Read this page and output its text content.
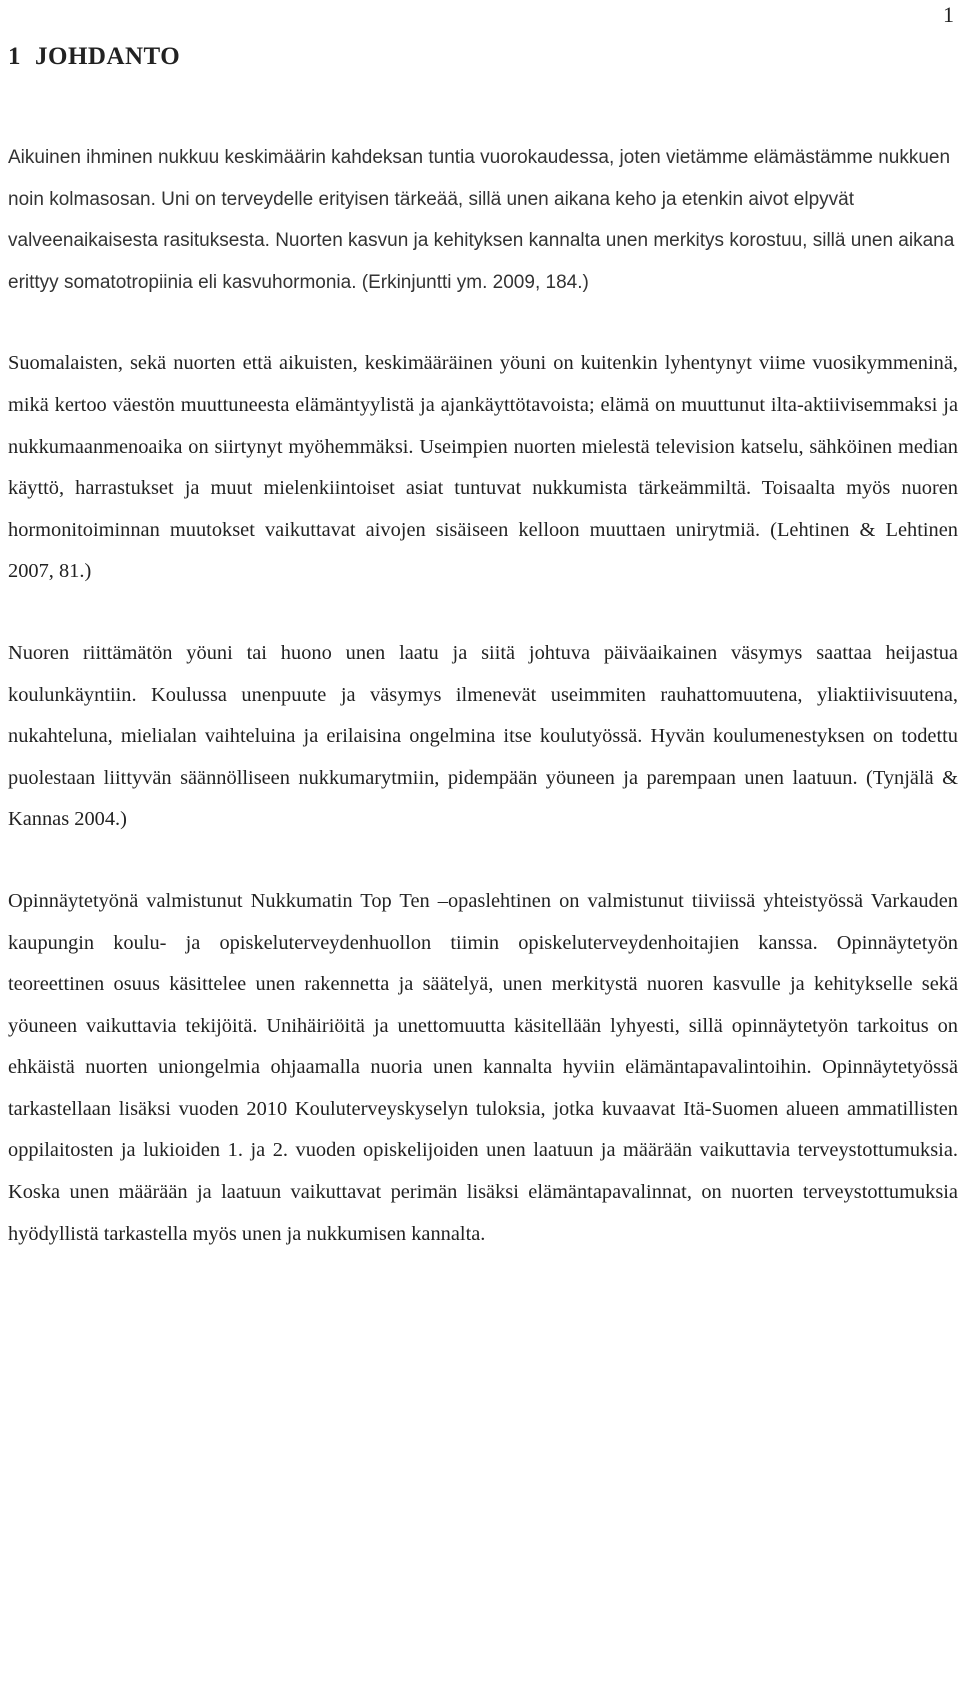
1
1 JOHDANTO

Aikuinen ihminen nukkuu keskimäärin kahdeksan tuntia vuorokaudessa, joten vietämme elämästämme nukkuen noin kolmasosan. Uni on terveydelle erityisen tärkeää, sillä unen aikana keho ja etenkin aivot elpyvät valveenaikaisesta rasituksesta. Nuorten kasvun ja kehityksen kannalta unen merkitys korostuu, sillä unen aikana erittyy somatotropiinia eli kasvuhormonia. (Erkinjuntti ym. 2009, 184.)

Suomalaisten, sekä nuorten että aikuisten, keskimääräinen yöuni on kuitenkin lyhentynyt viime vuosikymmeninä, mikä kertoo väestön muuttuneesta elämäntyylistä ja ajankäyttötavoista; elämä on muuttunut ilta-aktiivisemmaksi ja nukkumaanmenoaika on siirtynyt myöhemmäksi. Useimpien nuorten mielestä television katselu, sähköinen median käyttö, harrastukset ja muut mielenkiintoiset asiat tuntuvat nukkumista tärkeämmiltä. Toisaalta myös nuoren hormonitoiminnan muutokset vaikuttavat aivojen sisäiseen kelloon muuttaen unirytmiä. (Lehtinen & Lehtinen 2007, 81.)

Nuoren riittämätön yöuni tai huono unen laatu ja siitä johtuva päiväaikainen väsymys saattaa heijastua koulunkäyntiin. Koulussa unenpuute ja väsymys ilmenevät useimmiten rauhattomuutena, yliaktiivisuutena, nukahteluna, mielialan vaihteluina ja erilaisina ongelmina itse koulutyössä. Hyvän koulumenestyksen on todettu puolestaan liittyvän säännölliseen nukkumarytmiin, pidempään yöuneen ja parempaan unen laatuun. (Tynjälä & Kannas 2004.)

Opinnäytetyönä valmistunut Nukkumatin Top Ten –opaslehtinen on valmistunut tiiviissä yhteistyössä Varkauden kaupungin koulu- ja opiskeluterveydenhuollon tiimin opiskeluterveydenhoitajien kanssa. Opinnäytetyön teoreettinen osuus käsittelee unen rakennetta ja säätelyä, unen merkitystä nuoren kasvulle ja kehitykselle sekä yöuneen vaikuttavia tekijöitä. Unihäiriöitä ja unettomuutta käsitellään lyhyesti, sillä opinnäytetyön tarkoitus on ehkäistä nuorten uniongelmia ohjaamalla nuoria unen kannalta hyviin elämäntapavalintoihin. Opinnäytetyössä tarkastellaan lisäksi vuoden 2010 Kouluterveyskyselyn tuloksia, jotka kuvaavat Itä-Suomen alueen ammatillisten oppilaitosten ja lukioiden 1. ja 2. vuoden opiskelijoiden unen laatuun ja määrään vaikuttavia terveystottumuksia. Koska unen määrään ja laatuun vaikuttavat perimän lisäksi elämäntapavalinnat, on nuorten terveystottumuksia hyödyllistä tarkastella myös unen ja nukkumisen kannalta.
